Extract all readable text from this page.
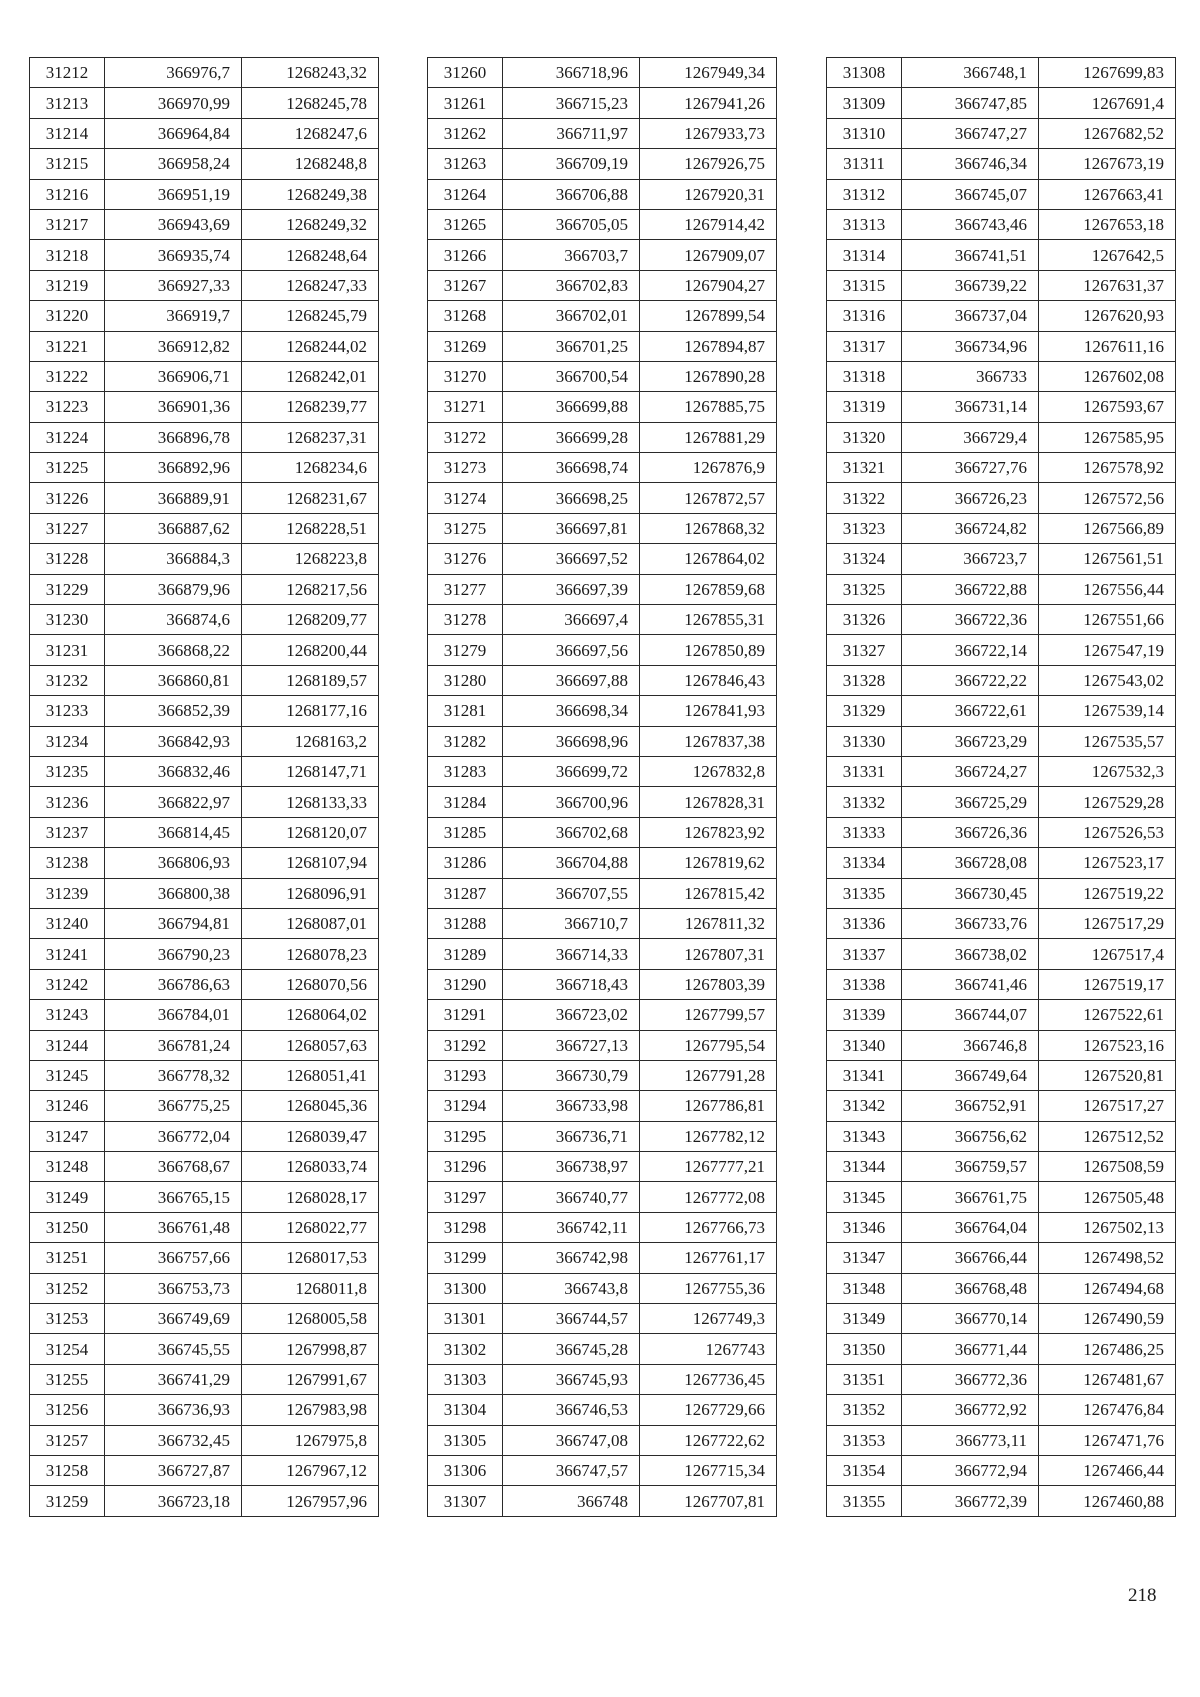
31212	366976,7	1268243,32
31213	366970,99	1268245,78
31214	366964,84	1268247,6
31215	366958,24	1268248,8
31216	366951,19	1268249,38
31217	366943,69	1268249,32
31218	366935,74	1268248,64
31219	366927,33	1268247,33
31220	366919,7	1268245,79
31221	366912,82	1268244,02
31222	366906,71	1268242,01
31223	366901,36	1268239,77
31224	366896,78	1268237,31
31225	366892,96	1268234,6
31226	366889,91	1268231,67
31227	366887,62	1268228,51
31228	366884,3	1268223,8
31229	366879,96	1268217,56
31230	366874,6	1268209,77
31231	366868,22	1268200,44
31232	366860,81	1268189,57
31233	366852,39	1268177,16
31234	366842,93	1268163,2
31235	366832,46	1268147,71
31236	366822,97	1268133,33
31237	366814,45	1268120,07
31238	366806,93	1268107,94
31239	366800,38	1268096,91
31240	366794,81	1268087,01
31241	366790,23	1268078,23
31242	366786,63	1268070,56
31243	366784,01	1268064,02
31244	366781,24	1268057,63
31245	366778,32	1268051,41
31246	366775,25	1268045,36
31247	366772,04	1268039,47
31248	366768,67	1268033,74
31249	366765,15	1268028,17
31250	366761,48	1268022,77
31251	366757,66	1268017,53
31252	366753,73	1268011,8
31253	366749,69	1268005,58
31254	366745,55	1267998,87
31255	366741,29	1267991,67
31256	366736,93	1267983,98
31257	366732,45	1267975,8
31258	366727,87	1267967,12
31259	366723,18	1267957,96
31260	366718,96	1267949,34
31261	366715,23	1267941,26
31262	366711,97	1267933,73
31263	366709,19	1267926,75
31264	366706,88	1267920,31
31265	366705,05	1267914,42
31266	366703,7	1267909,07
31267	366702,83	1267904,27
31268	366702,01	1267899,54
31269	366701,25	1267894,87
31270	366700,54	1267890,28
31271	366699,88	1267885,75
31272	366699,28	1267881,29
31273	366698,74	1267876,9
31274	366698,25	1267872,57
31275	366697,81	1267868,32
31276	366697,52	1267864,02
31277	366697,39	1267859,68
31278	366697,4	1267855,31
31279	366697,56	1267850,89
31280	366697,88	1267846,43
31281	366698,34	1267841,93
31282	366698,96	1267837,38
31283	366699,72	1267832,8
31284	366700,96	1267828,31
31285	366702,68	1267823,92
31286	366704,88	1267819,62
31287	366707,55	1267815,42
31288	366710,7	1267811,32
31289	366714,33	1267807,31
31290	366718,43	1267803,39
31291	366723,02	1267799,57
31292	366727,13	1267795,54
31293	366730,79	1267791,28
31294	366733,98	1267786,81
31295	366736,71	1267782,12
31296	366738,97	1267777,21
31297	366740,77	1267772,08
31298	366742,11	1267766,73
31299	366742,98	1267761,17
31300	366743,8	1267755,36
31301	366744,57	1267749,3
31302	366745,28	1267743
31303	366745,93	1267736,45
31304	366746,53	1267729,66
31305	366747,08	1267722,62
31306	366747,57	1267715,34
31307	366748	1267707,81
31308	366748,1	1267699,83
31309	366747,85	1267691,4
31310	366747,27	1267682,52
31311	366746,34	1267673,19
31312	366745,07	1267663,41
31313	366743,46	1267653,18
31314	366741,51	1267642,5
31315	366739,22	1267631,37
31316	366737,04	1267620,93
31317	366734,96	1267611,16
31318	366733	1267602,08
31319	366731,14	1267593,67
31320	366729,4	1267585,95
31321	366727,76	1267578,92
31322	366726,23	1267572,56
31323	366724,82	1267566,89
31324	366723,7	1267561,51
31325	366722,88	1267556,44
31326	366722,36	1267551,66
31327	366722,14	1267547,19
31328	366722,22	1267543,02
31329	366722,61	1267539,14
31330	366723,29	1267535,57
31331	366724,27	1267532,3
31332	366725,29	1267529,28
31333	366726,36	1267526,53
31334	366728,08	1267523,17
31335	366730,45	1267519,22
31336	366733,76	1267517,29
31337	366738,02	1267517,4
31338	366741,46	1267519,17
31339	366744,07	1267522,61
31340	366746,8	1267523,16
31341	366749,64	1267520,81
31342	366752,91	1267517,27
31343	366756,62	1267512,52
31344	366759,57	1267508,59
31345	366761,75	1267505,48
31346	366764,04	1267502,13
31347	366766,44	1267498,52
31348	366768,48	1267494,68
31349	366770,14	1267490,59
31350	366771,44	1267486,25
31351	366772,36	1267481,67
31352	366772,92	1267476,84
31353	366773,11	1267471,76
31354	366772,94	1267466,44
31355	366772,39	1267460,88
218
